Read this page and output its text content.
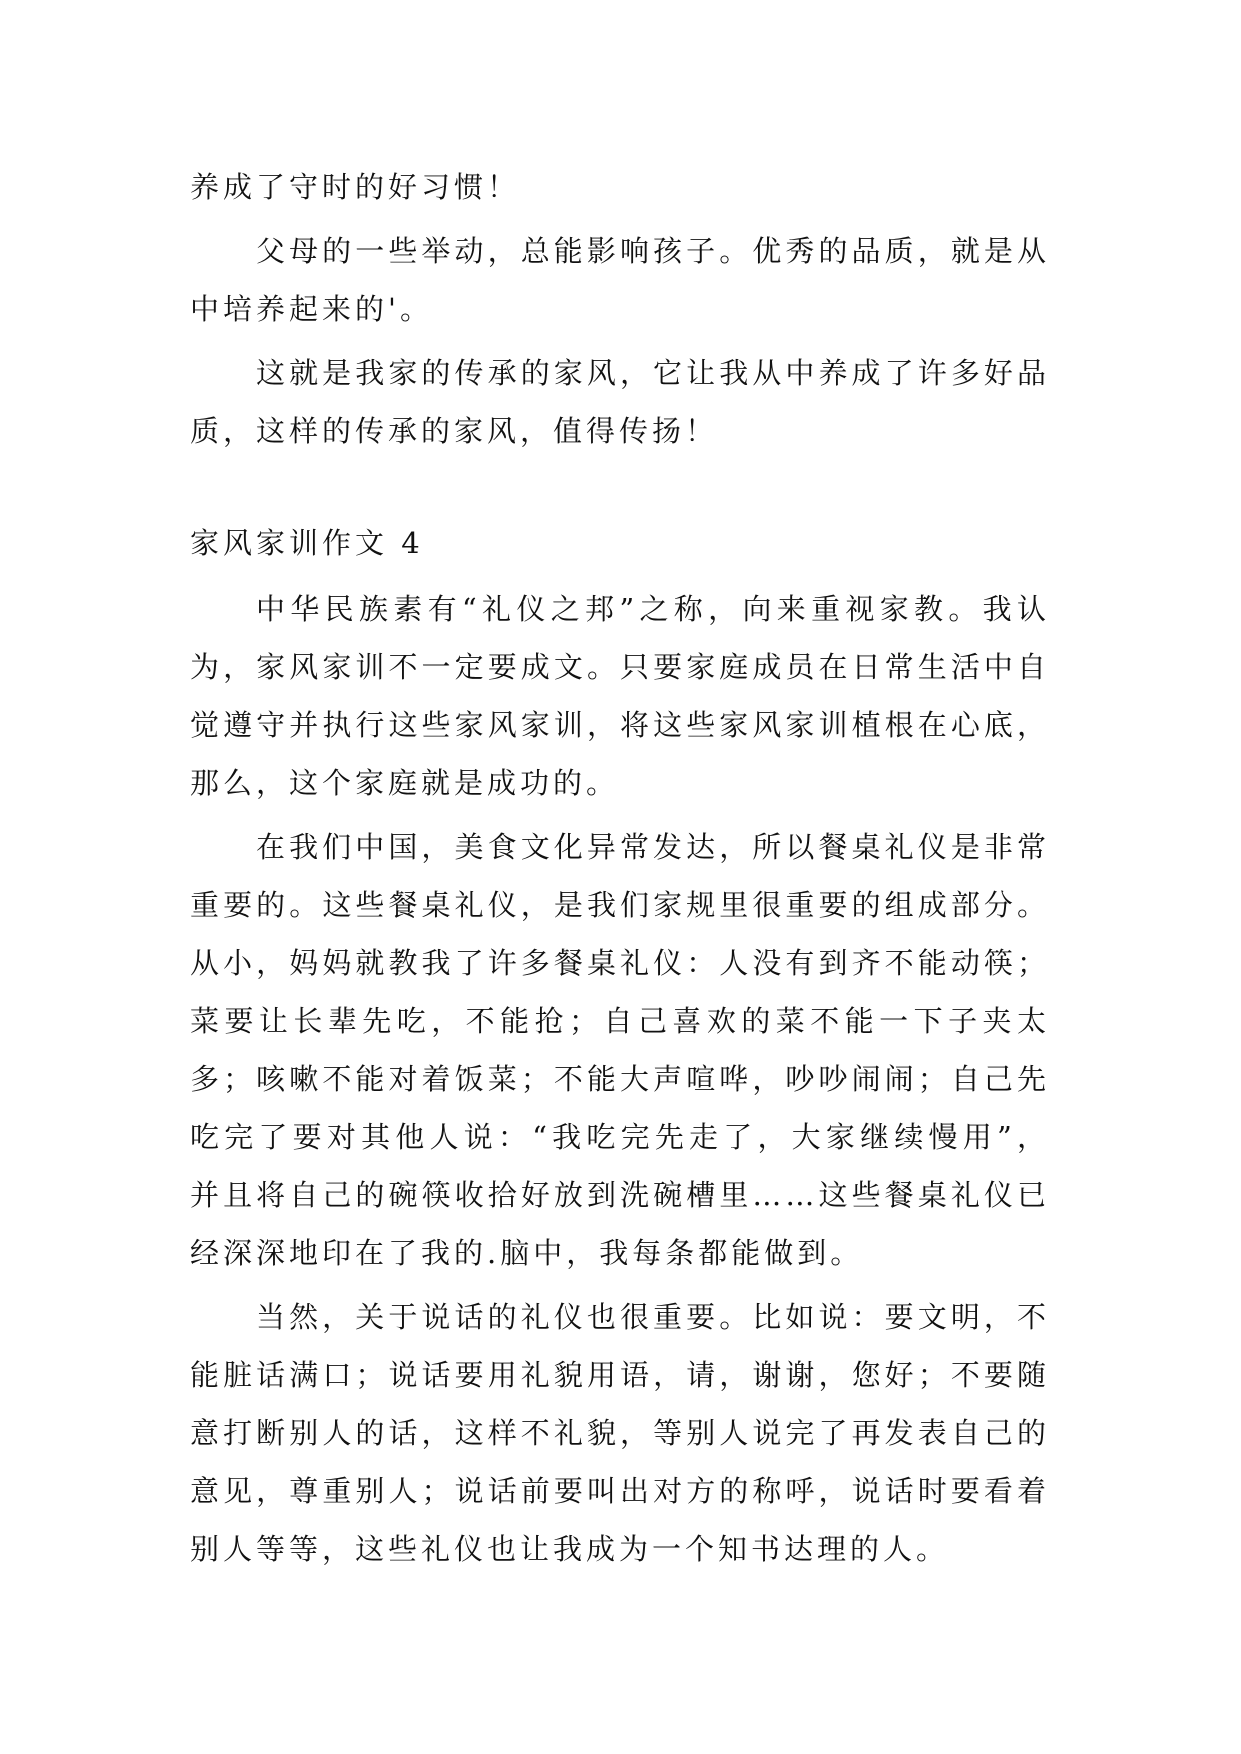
养成了守时的好习惯！

父母的一些举动，总能影响孩子。优秀的品质，就是从中培养起来的'。

这就是我家的传承的家风，它让我从中养成了许多好品质，这样的传承的家风，值得传扬！

家风家训作文 4

中华民族素有“礼仪之邦”之称，向来重视家教。我认为，家风家训不一定要成文。只要家庭成员在日常生活中自觉遵守并执行这些家风家训，将这些家风家训植根在心底，那么，这个家庭就是成功的。

在我们中国，美食文化异常发达，所以餐桌礼仪是非常重要的。这些餐桌礼仪，是我们家规里很重要的组成部分。从小，妈妈就教我了许多餐桌礼仪：人没有到齐不能动筷；菜要让长辈先吃，不能抢；自己喜欢的菜不能一下子夹太多；咳嗽不能对着饭菜；不能大声喧哗，吵吵闹闹；自己先吃完了要对其他人说：“我吃完先走了，大家继续慢用”，并且将自己的碗筷收拾好放到洗碗槽里……这些餐桌礼仪已经深深地印在了我的.脑中，我每条都能做到。

当然，关于说话的礼仪也很重要。比如说：要文明，不能脏话满口；说话要用礼貌用语，请，谢谢，您好；不要随意打断别人的话，这样不礼貌，等别人说完了再发表自己的意见，尊重别人；说话前要叫出对方的称呼，说话时要看着别人等等，这些礼仪也让我成为一个知书达理的人。
